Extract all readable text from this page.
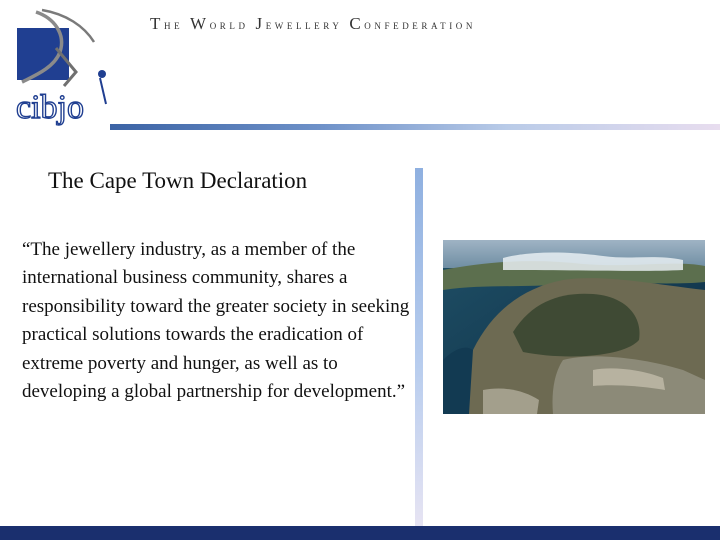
cibjo
The World Jewellery Confederation
The Cape Town Declaration
“The jewellery industry, as a member of the international business community, shares a responsibility toward the greater society in seeking practical solutions towards the eradication of extreme poverty and hunger, as well as to developing a global partnership for development.”
